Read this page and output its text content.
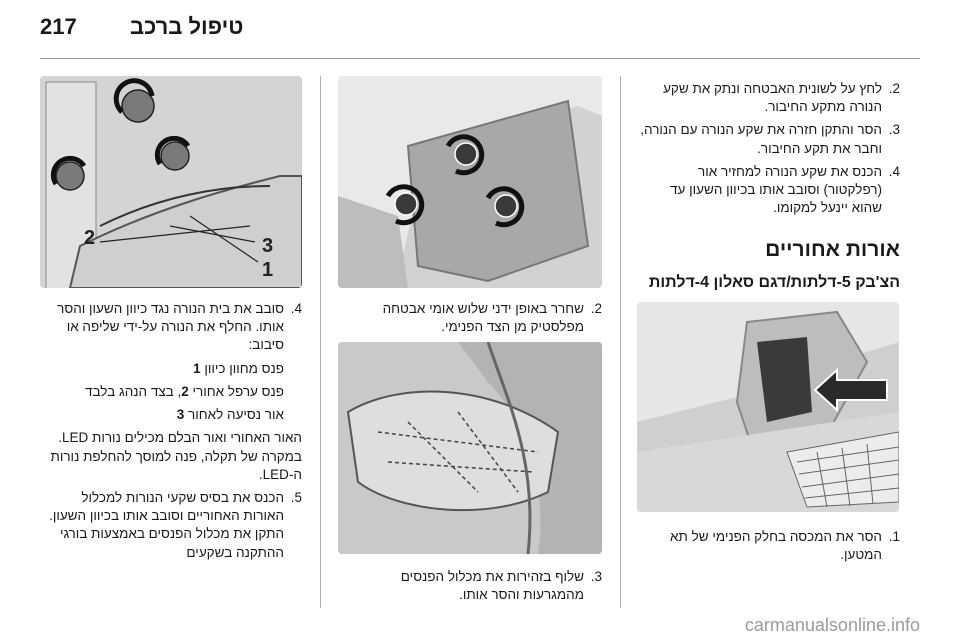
217 טיפול ברכב

2.
לחץ על לשונית האבטחה ונתק את שקע הנורה מתקע החיבור.

3.
הסר והתקן חזרה את שקע הנורה עם הנורה, וחבר את תקע החיבור.

4.
הכנס את שקע הנורה למחזיר אור (רפלקטור) וסובב אותו בכיוון השעון עד שהוא יינעל למקומו.

אורות אחוריים
הצ'בק 5-דלתות/דגם סאלון 4-דלתות

1.
הסר את המכסה בחלק הפנימי של תא המטען.

2.
שחרר באופן ידני שלוש אומי אבטחה מפלסטיק מן הצד הפנימי.

3.
שלוף בזהירות את מכלול הפנסים מהמגרעות והסר אותו.

2	3
1

4.
סובב את בית הנורה נגד כיוון השעון והסר אותו. החלף את הנורה על-ידי שליפה או סיבוב:

פנס מחוון כיוון 1

פנס ערפל אחורי 2, בצד הנהג בלבד

אור נסיעה לאחור 3

האור האחורי ואור הבלם מכילים נורות LED. במקרה של תקלה, פנה למוסך להחלפת נורות ה-LED.

5.
הכנס את בסיס שקעי הנורות למכלול האורות האחוריים וסובב אותו בכיוון השעון. התקן את מכלול הפנסים באמצעות בורגי ההתקנה בשקעים

carmanualsonline.info
